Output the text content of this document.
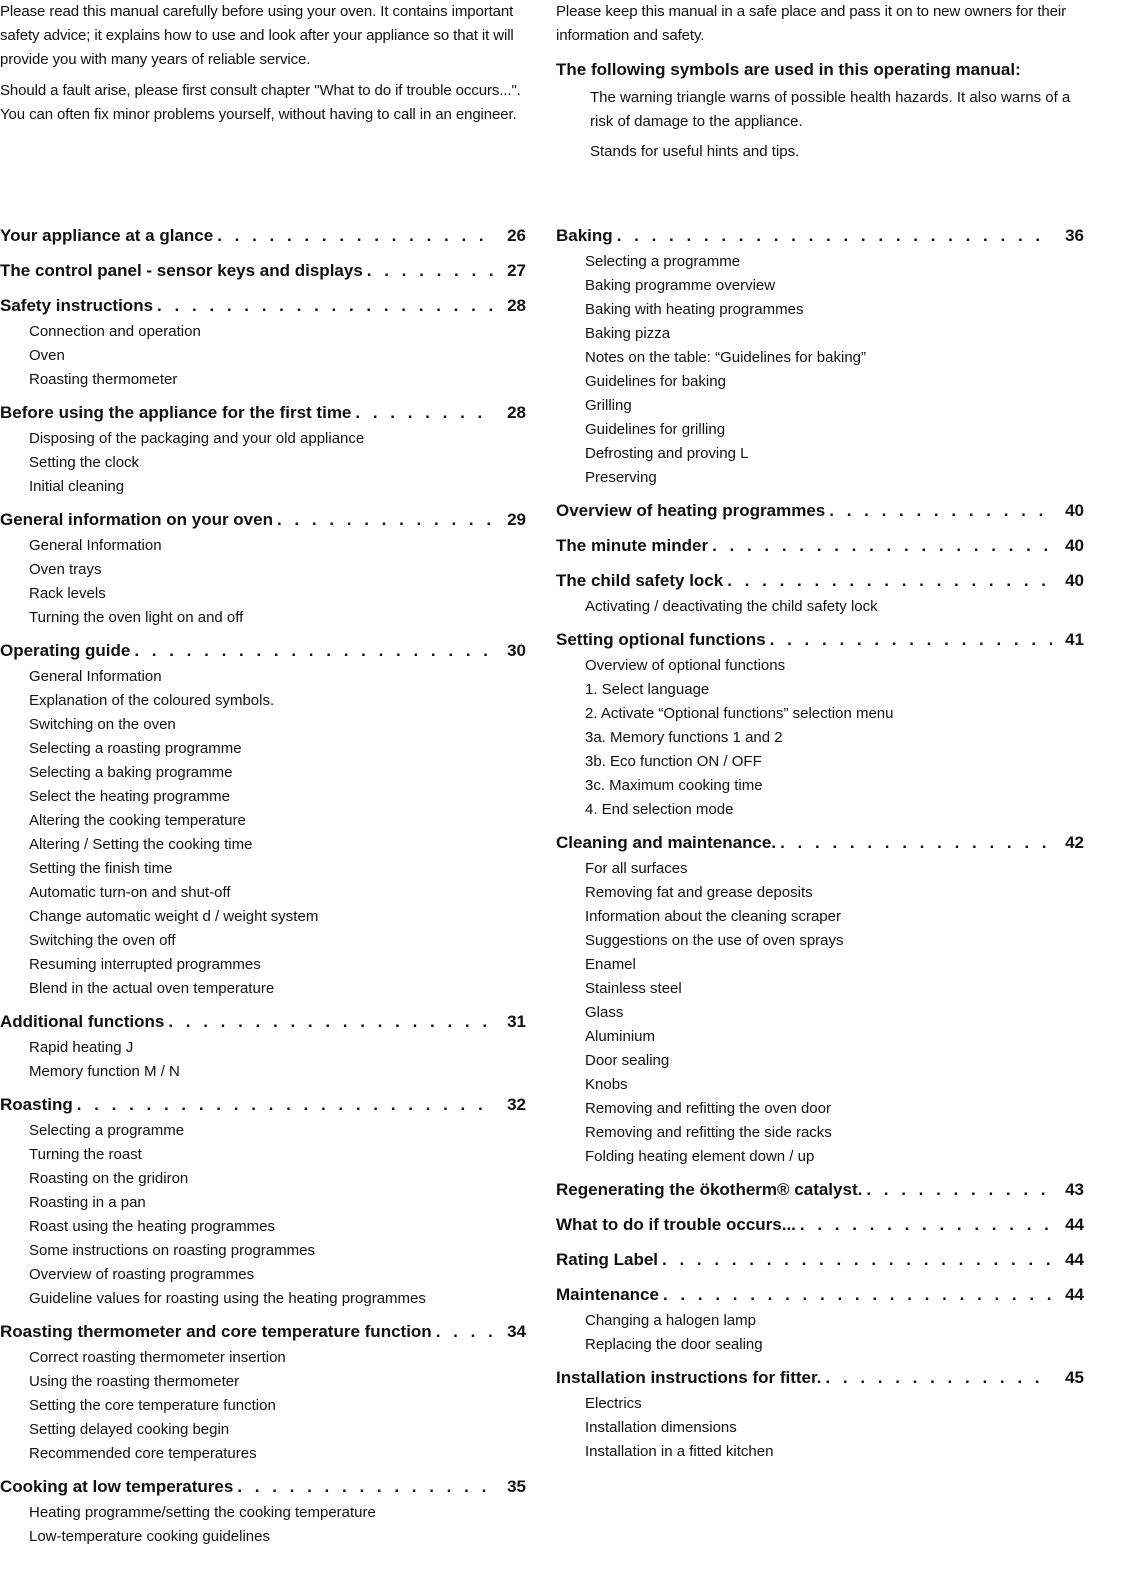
Please read this manual carefully before using your oven. It contains important safety advice; it explains how to use and look after your appliance so that it will provide you with many years of reliable service.

Should a fault arise, please first consult chapter "What to do if trouble occurs...". You can often fix minor problems yourself, without having to call in an engineer.

Please keep this manual in a safe place and pass it on to new owners for their information and safety.

The following symbols are used in this operating manual:

The warning triangle warns of possible health hazards. It also warns of a risk of damage to the appliance.

Stands for useful hints and tips.

Your appliance at a glance . . .	26
The control panel - sensor keys and displays . . .	27
Safety instructions . . .	28
Connection and operation
Oven
Roasting thermometer
Before using the appliance for the first time . . .	28
Disposing of the packaging and your old appliance
Setting the clock
Initial cleaning
General information on your oven . . .	29
General Information
Oven trays
Rack levels
Turning the oven light on and off
Operating guide . . .	30
General Information
Explanation of the coloured symbols.
Switching on the oven
Selecting a roasting programme
Selecting a baking programme
Select the heating programme
Altering the cooking temperature
Altering / Setting the cooking time
Setting the finish time
Automatic turn-on and shut-off
Change automatic weight d / weight system
Switching the oven off
Resuming interrupted programmes
Blend in the actual oven temperature
Additional functions . . .	31
Rapid heating J
Memory function M / N
Roasting . . .	32
Selecting a programme
Turning the roast
Roasting on the gridiron
Roasting in a pan
Roast using the heating programmes
Some instructions on roasting programmes
Overview of roasting programmes
Guideline values for roasting using the heating programmes
Roasting thermometer and core temperature function . . .	34
Correct roasting thermometer insertion
Using the roasting thermometer
Setting the core temperature function
Setting delayed cooking begin
Recommended core temperatures
Cooking at low temperatures . . .	35
Heating programme/setting the cooking temperature
Low-temperature cooking guidelines
Baking . . .	36
Selecting a programme
Baking programme overview
Baking with heating programmes
Baking pizza
Notes on the table: “Guidelines for baking”
Guidelines for baking
Grilling
Guidelines for grilling
Defrosting and proving L
Preserving
Overview of heating programmes . . .	40
The minute minder . . .	40
The child safety lock . . .	40
Activating / deactivating the child safety lock
Setting optional functions . . .	41
Overview of optional functions
1. Select language
2. Activate “Optional functions” selection menu
3a. Memory functions 1 and 2
3b. Eco function ON / OFF
3c. Maximum cooking time
4. End selection mode
Cleaning and maintenance. . . .	42
For all surfaces
Removing fat and grease deposits
Information about the cleaning scraper
Suggestions on the use of oven sprays
Enamel
Stainless steel
Glass
Aluminium
Door sealing
Knobs
Removing and refitting the oven door
Removing and refitting the side racks
Folding heating element down / up
Regenerating the ökotherm® catalyst. . . .	43
What to do if trouble occurs... . . .	44
Rating Label . . .	44
Maintenance . . .	44
Changing a halogen lamp
Replacing the door sealing
Installation instructions for fitter. . . .	45
Electrics
Installation dimensions
Installation in a fitted kitchen
